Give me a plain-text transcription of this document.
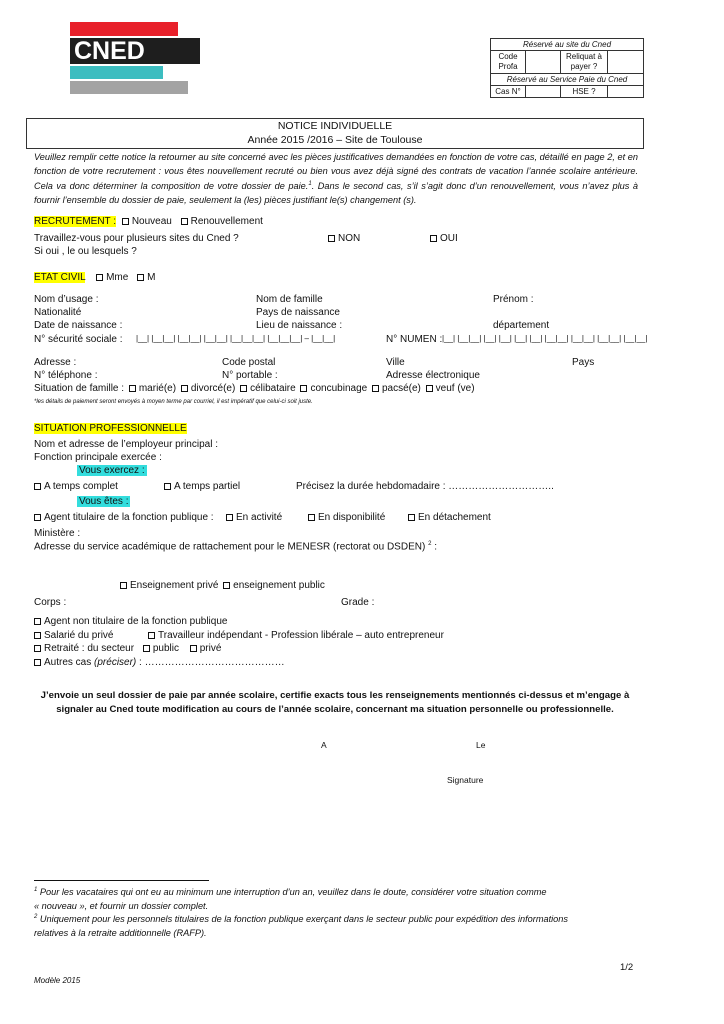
CNED	Réservé au site du Cned			
Code Profa		Reliquat à payer ?	
Réservé au Service Paie du Cned			
Cas N°		HSE ?	
NOTICE INDIVIDUELLE
Année 2015 /2016 – Site de Toulouse
Veuillez remplir cette notice la retourner au site concerné avec les pièces justificatives demandées en fonction de votre cas, détaillé en page 2, et en fonction de votre recrutement : vous êtes nouvellement recruté ou bien vous avez déjà signé des contrats de vacation l’année scolaire antérieure. Cela va donc déterminer la composition de votre dossier de paie.$^1$. Dans le second cas, s’il s’agit donc d’un renouvellement, vous n’avez plus à fournir l’ensemble du dossier de paie, seulement la (les) pièces justifiant le(s) changement (s).
RECRUTEMENT : Nouveau Renouvellement
Travaillez-vous pour plusieurs sites du Cned ?	NON	OUI
Si oui , le ou lesquels ?
ETAT CIVIL Mme M
Nom d’usage :	Nom de famille	Prénom :
Nationalité	Pays de naissance
Date de naissance :	Lieu de naissance :	département
N° sécurité sociale : |__| |__|__| |__|__| |__|__| |__|__|__| |__|__|__| – |__|__|	N° NUMEN : |__| |__|__| |__| |__| |__| |__| |__|__| |__|__| |__|__| |__|__|
Adresse :	Code postal	Ville	Pays
N° téléphone :	N° portable :	Adresse électronique
Situation de famille : marié(e) divorcé(e) célibataire concubinage pacsé(e) veuf (ve)
*les détails de paiement seront envoyés à moyen terme par courriel, il est impératif que celui-ci soit juste.
SITUATION PROFESSIONNELLE
Nom et adresse de l’employeur principal :
Fonction principale exercée :
Vous exercez :
A temps complet	A temps partiel	Précisez la durée hebdomadaire : …………………………..
Vous êtes :
Agent titulaire de la fonction publique :	En activité	En disponibilité	En détachement
Ministère :
Adresse du service académique de rattachement pour le MENESR (rectorat ou DSDEN) $^2$ :
Enseignement privé enseignement public
Corps :	Grade :
Agent non titulaire de la fonction publique
Salarié du privé	Travailleur indépendant - Profession libérale – auto entrepreneur
Retraité : du secteur public privé
Autres cas (préciser) : ……………………………………
J’envoie un seul dossier de paie par année scolaire, certifie exacts tous les renseignements mentionnés ci-dessus et m’engage à
signaler au Cned toute modification au cours de l’année scolaire, concernant ma situation personnelle ou professionnelle.
A	Le
Signature
$^1$ Pour les vacataires qui ont eu au minimum une interruption d’un an, veuillez dans le doute, considérer votre situation comme
« nouveau », et fournir un dossier complet.
$^2$ Uniquement pour les personnels titulaires de la fonction publique exerçant dans le secteur public pour expédition des informations
relatives à la retraite additionnelle (RAFP).
1/2
Modèle 2015
